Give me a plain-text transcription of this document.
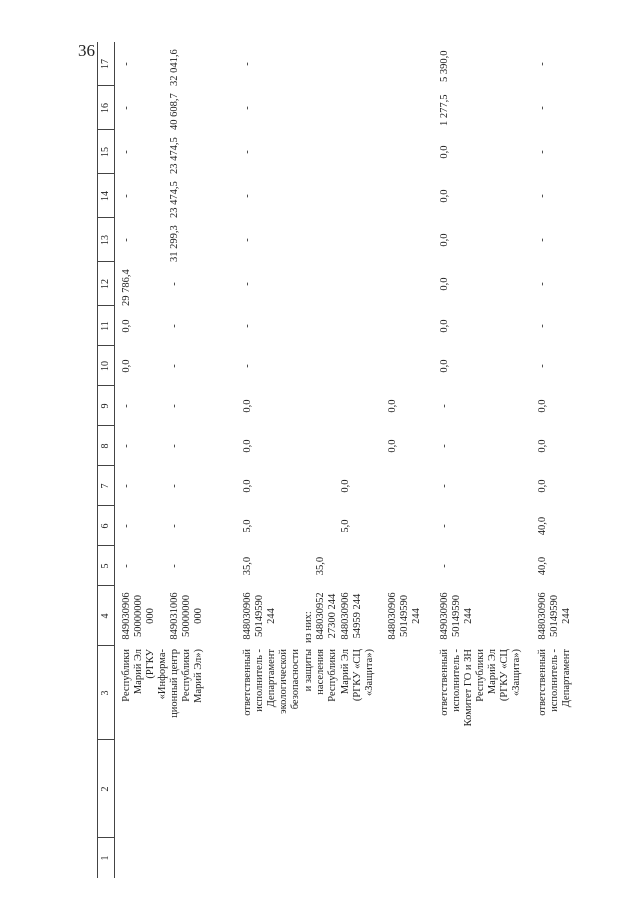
36
1
2
3
4
5
6
7
8
9
10
11
12
13
14
15
16
17
Республики
Марий Эл
(РГКУ
«Информа-
849030906
50000000
000
-
-
-
-
-
0,0
0,0
29 786,4
-
-
-
-
-
ционный центр
Республики
Марий Эл»)
849031006
50000000
000
-
-
-
-
-
-
-
-
31 299,3
23 474,5
23 474,5
40 608,7
32 041,6
ответственный
исполнитель -
Департамент
экологической
безопасности
848030906
50149590
244
35,0
5,0
0,0
0,0
0,0
-
-
-
-
-
-
-
-
и защиты
из них:
населения
Республики
848030952
27300 244
35,0
Марий Эл
(РГКУ «СЦ
«Защита»)
848030906
54959 244
5,0
0,0
848030906
50149590
244
0,0
0,0
ответственный
исполнитель -
Комитет ГО и ЗН
Республики
Марий Эл
(РГКУ «СЦ
«Защита»)
849030906
50149590
244
-
-
-
-
-
0,0
0,0
0,0
0,0
0,0
0,0
1 277,5
5 390,0
ответственный
исполнитель -
Департамент
848030906
50149590
244
40,0
40,0
0,0
0,0
0,0
-
-
-
-
-
-
-
-
